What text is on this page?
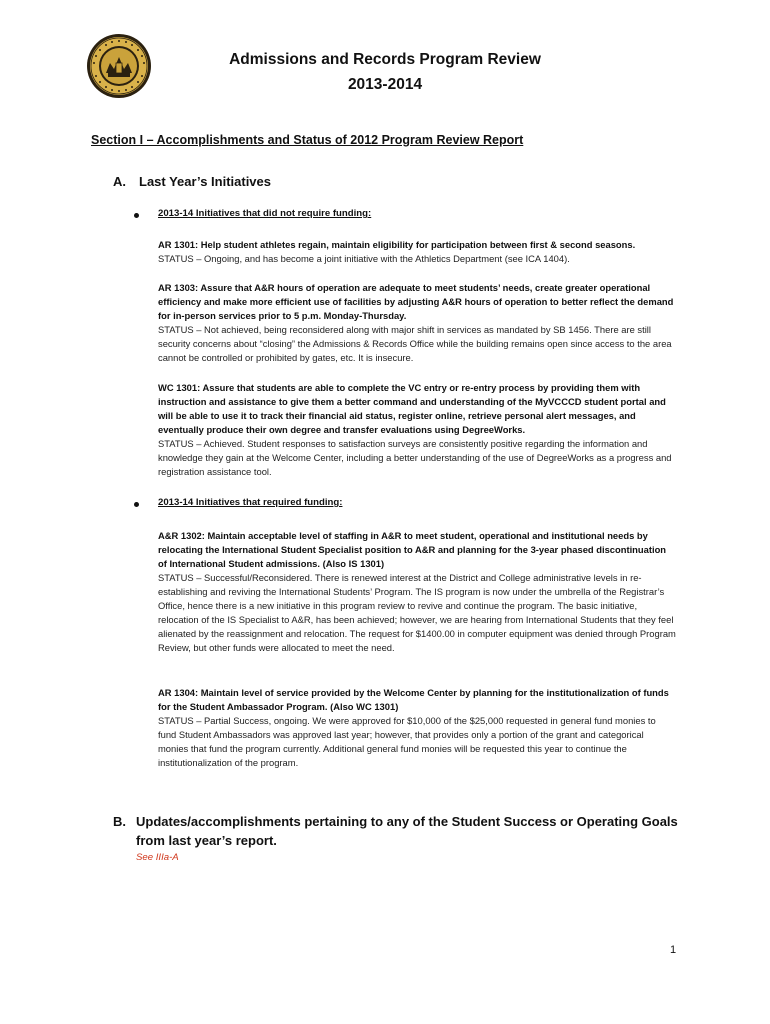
Admissions and Records Program Review
2013-2014
Section I – Accomplishments and Status of 2012 Program Review Report
A. Last Year’s Initiatives
2013-14 Initiatives that did not require funding:
AR 1301: Help student athletes regain, maintain eligibility for participation between first & second seasons.
STATUS – Ongoing, and has become a joint initiative with the Athletics Department (see ICA 1404).
AR 1303: Assure that A&R hours of operation are adequate to meet students’ needs, create greater operational efficiency and make more efficient use of facilities by adjusting A&R hours of operation to better reflect the demand for in-person services prior to 5 p.m. Monday-Thursday.
STATUS – Not achieved, being reconsidered along with major shift in services as mandated by SB 1456. There are still security concerns about “closing” the Admissions & Records Office while the building remains open since access to the area cannot be controlled or prohibited by gates, etc. It is insecure.
WC 1301: Assure that students are able to complete the VC entry or re-entry process by providing them with instruction and assistance to give them a better command and understanding of the MyVCCCD student portal and will be able to use it to track their financial aid status, register online, retrieve personal alert messages, and eventually produce their own degree and transfer evaluations using DegreeWorks.
STATUS – Achieved. Student responses to satisfaction surveys are consistently positive regarding the information and knowledge they gain at the Welcome Center, including a better understanding of the use of DegreeWorks as a progress and registration assistance tool.
2013-14 Initiatives that required funding:
A&R 1302: Maintain acceptable level of staffing in A&R to meet student, operational and institutional needs by relocating the International Student Specialist position to A&R and planning for the 3-year phased discontinuation of International Student admissions. (Also IS 1301)
STATUS – Successful/Reconsidered. There is renewed interest at the District and College administrative levels in re-establishing and reviving the International Students’ Program. The IS program is now under the umbrella of the Registrar’s Office, hence there is a new initiative in this program review to revive and continue the program. The basic initiative, relocation of the IS Specialist to A&R, has been achieved; however, we are hearing from International Students that they feel alienated by the reassignment and relocation. The request for $1400.00 in computer equipment was denied through Program Review, but other funds were allocated to meet the need.
AR 1304: Maintain level of service provided by the Welcome Center by planning for the institutionalization of funds for the Student Ambassador Program. (Also WC 1301)
STATUS – Partial Success, ongoing. We were approved for $10,000 of the $25,000 requested in general fund monies to fund Student Ambassadors was approved last year; however, that provides only a portion of the grant and categorical monies that fund the program currently. Additional general fund monies will be requested this year to continue the institutionalization of the program.
B. Updates/accomplishments pertaining to any of the Student Success or Operating Goals from last year’s report.
See IIIa-A
1
